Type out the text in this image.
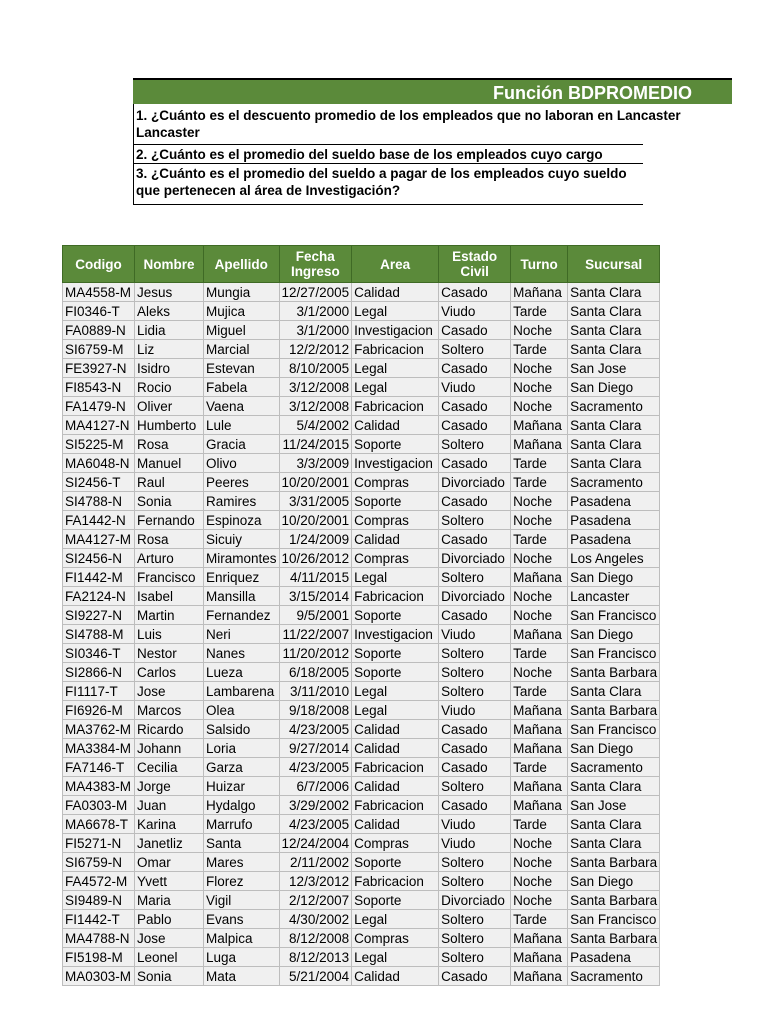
Función BDPROMEDIO
1. ¿Cuánto es el descuento promedio de los empleados que no laboran en Lancaster
Lancaster
2. ¿Cuánto es el promedio del sueldo base de los empleados cuyo cargo
3. ¿Cuánto es el promedio del sueldo a pagar de los empleados cuyo sueldo
que pertenecen al área de Investigación?
Codigo	Nombre	Apellido	Fecha Ingreso	Area	Estado Civil	Turno	Sucursal
MA4558-M	Jesus	Mungia	12/27/2005	Calidad	Casado	Mañana	Santa Clara
FI0346-T	Aleks	Mujica	3/1/2000	Legal	Viudo	Tarde	Santa Clara
FA0889-N	Lidia	Miguel	3/1/2000	Investigacion	Casado	Noche	Santa Clara
SI6759-M	Liz	Marcial	12/2/2012	Fabricacion	Soltero	Tarde	Santa Clara
FE3927-N	Isidro	Estevan	8/10/2005	Legal	Casado	Noche	San Jose
FI8543-N	Rocio	Fabela	3/12/2008	Legal	Viudo	Noche	San Diego
FA1479-N	Oliver	Vaena	3/12/2008	Fabricacion	Casado	Noche	Sacramento
MA4127-N	Humberto	Lule	5/4/2002	Calidad	Casado	Mañana	Santa Clara
SI5225-M	Rosa	Gracia	11/24/2015	Soporte	Soltero	Mañana	Santa Clara
MA6048-N	Manuel	Olivo	3/3/2009	Investigacion	Casado	Tarde	Santa Clara
SI2456-T	Raul	Peeres	10/20/2001	Compras	Divorciado	Tarde	Sacramento
SI4788-N	Sonia	Ramires	3/31/2005	Soporte	Casado	Noche	Pasadena
FA1442-N	Fernando	Espinoza	10/20/2001	Compras	Soltero	Noche	Pasadena
MA4127-M	Rosa	Sicuiy	1/24/2009	Calidad	Casado	Tarde	Pasadena
SI2456-N	Arturo	Miramontes	10/26/2012	Compras	Divorciado	Noche	Los Angeles
FI1442-M	Francisco	Enriquez	4/11/2015	Legal	Soltero	Mañana	San Diego
FA2124-N	Isabel	Mansilla	3/15/2014	Fabricacion	Divorciado	Noche	Lancaster
SI9227-N	Martin	Fernandez	9/5/2001	Soporte	Casado	Noche	San Francisco
SI4788-M	Luis	Neri	11/22/2007	Investigacion	Viudo	Mañana	San Diego
SI0346-T	Nestor	Nanes	11/20/2012	Soporte	Soltero	Tarde	San Francisco
SI2866-N	Carlos	Lueza	6/18/2005	Soporte	Soltero	Noche	Santa Barbara
FI1117-T	Jose	Lambarena	3/11/2010	Legal	Soltero	Tarde	Santa Clara
FI6926-M	Marcos	Olea	9/18/2008	Legal	Viudo	Mañana	Santa Barbara
MA3762-M	Ricardo	Salsido	4/23/2005	Calidad	Casado	Mañana	San Francisco
MA3384-M	Johann	Loria	9/27/2014	Calidad	Casado	Mañana	San Diego
FA7146-T	Cecilia	Garza	4/23/2005	Fabricacion	Casado	Tarde	Sacramento
MA4383-M	Jorge	Huizar	6/7/2006	Calidad	Soltero	Mañana	Santa Clara
FA0303-M	Juan	Hydalgo	3/29/2002	Fabricacion	Casado	Mañana	San Jose
MA6678-T	Karina	Marrufo	4/23/2005	Calidad	Viudo	Tarde	Santa Clara
FI5271-N	Janetliz	Santa	12/24/2004	Compras	Viudo	Noche	Santa Clara
SI6759-N	Omar	Mares	2/11/2002	Soporte	Soltero	Noche	Santa Barbara
FA4572-M	Yvett	Florez	12/3/2012	Fabricacion	Soltero	Noche	San Diego
SI9489-N	Maria	Vigil	2/12/2007	Soporte	Divorciado	Noche	Santa Barbara
FI1442-T	Pablo	Evans	4/30/2002	Legal	Soltero	Tarde	San Francisco
MA4788-N	Jose	Malpica	8/12/2008	Compras	Soltero	Mañana	Santa Barbara
FI5198-M	Leonel	Luga	8/12/2013	Legal	Soltero	Mañana	Pasadena
MA0303-M	Sonia	Mata	5/21/2004	Calidad	Casado	Mañana	Sacramento
